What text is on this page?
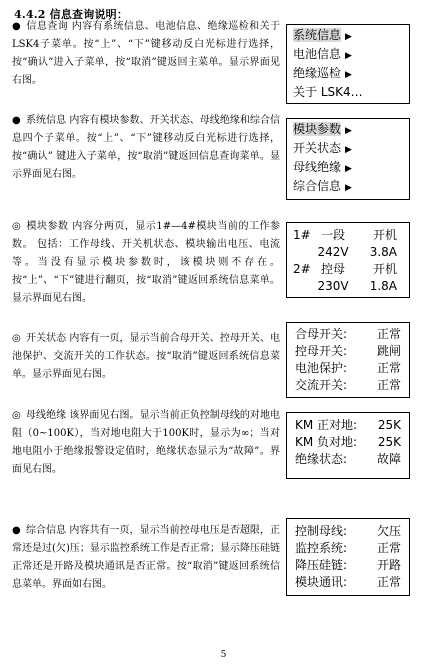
4.4.2 信息查询说明：
● 信息查询 内容有系统信息、电池信息、绝缘巡检和关于LSK4子菜单。按“上”、“下”键移动反白光标进行选择，按“确认”进入子菜单，按“取消”键返回主菜单。显示界面见右图。
系统信息 ▶
电池信息 ▶
绝缘巡检 ▶
关于 LSK4…
● 系统信息 内容有模块参数、开关状态、母线绝缘和综合信息四个子菜单。按“上”、“下”键移动反白光标进行选择，按“确认” 键进入子菜单，按“取消”键返回信息查询菜单。显示界面见右图。
模块参数 ▶
开关状态 ▶
母线绝缘 ▶
综合信息 ▶
◎ 模块参数 内容分两页，显示1#—4#模块当前的工作参数。 包括：工作母线、开关机状态、模块输出电压、电流等。当没有显示模块参数时，该模块则不存在。按“上”、“下”键进行翻页，按“取消”键返回系统信息菜单。显示界面见右图。
1# 一段	开机
242V	3.8A
2# 控母	开机
230V	1.8A
◎ 开关状态 内容有一页，显示当前合母开关、控母开关、电池保护、交流开关的工作状态。按“取消”键返回系统信息菜单。显示界面见右图。
合母开关: 正常
控母开关: 跳闸
电池保护: 正常
交流开关: 正常
◎ 母线绝缘 该界面见右图。显示当前正负控制母线的对地电阻（0~100K），当对地电阻大于100K时，显示为∞；当对地电阻小于绝缘报警设定值时，绝缘状态显示为“故障”。界面见右图。
KM 正对地: 25K
KM 负对地: 25K
绝缘状态: 故障
● 综合信息 内容共有一页，显示当前控母电压是否超限，正常还是过(欠)压；显示监控系统工作是否正常；显示降压硅链正常还是开路及模块通讯是否正常。按“取消”键返回系统信息菜单。界面如右图。
控制母线: 欠压
监控系统: 正常
降压硅链: 开路
模块通讯: 正常
5
